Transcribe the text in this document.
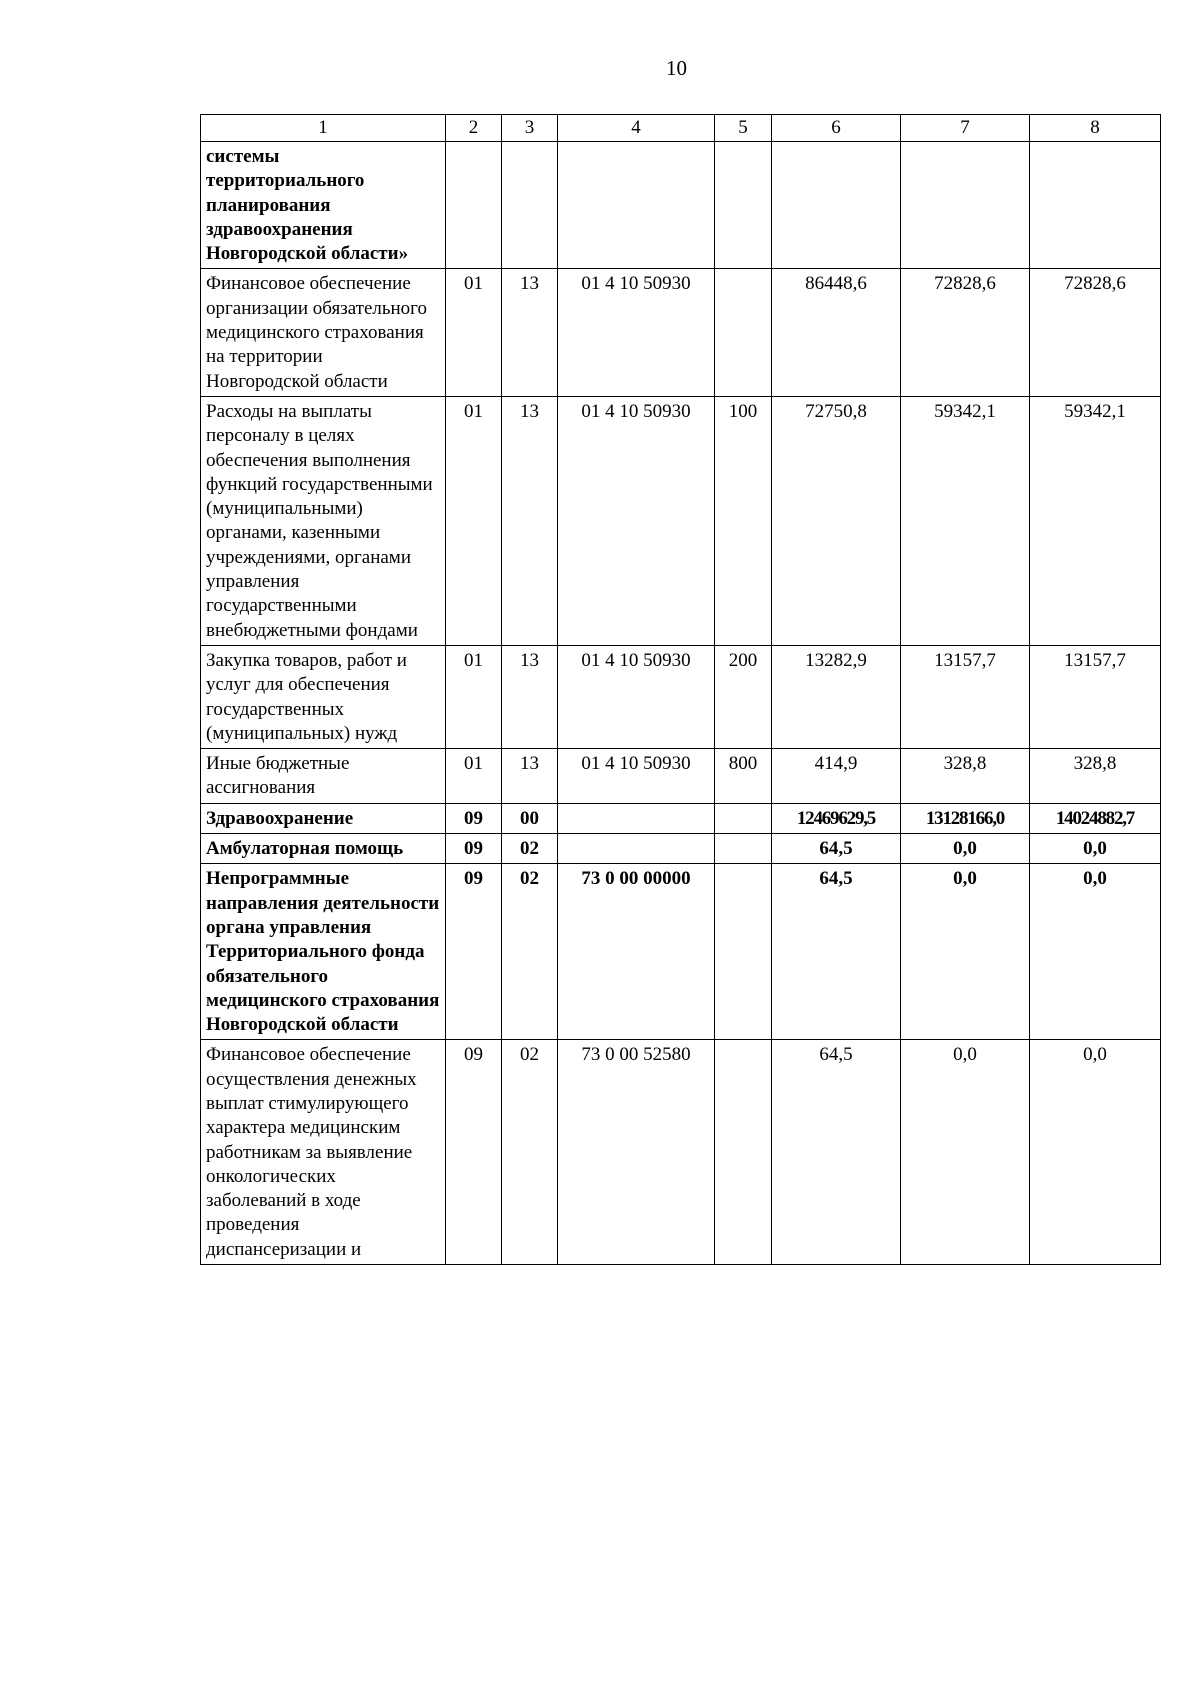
10
1	2	3	4	5	6	7	8
системы территориального планирования здравоохранения Новгородской области»							
Финансовое обеспечение организации обязательного медицинского страхования на территории Новгородской области	01	13	01 4 10 50930		86448,6	72828,6	72828,6
Расходы на выплаты персоналу в целях обеспечения выполнения функций государственными (муниципальными) органами, казенными учреждениями, органами управления государственными внебюджетными фондами	01	13	01 4 10 50930	100	72750,8	59342,1	59342,1
Закупка товаров, работ и услуг для обеспечения государственных (муниципальных) нужд	01	13	01 4 10 50930	200	13282,9	13157,7	13157,7
Иные бюджетные ассигнования	01	13	01 4 10 50930	800	414,9	328,8	328,8
Здравоохранение	09	00			12469629,5	13128166,0	14024882,7
Амбулаторная помощь	09	02			64,5	0,0	0,0
Непрограммные направления деятельности органа управления Территориального фонда обязательного медицинского страхования Новгородской области	09	02	73 0 00 00000		64,5	0,0	0,0
Финансовое обеспечение осуществления денежных выплат стимулирующего характера медицинским работникам за выявление онкологических заболеваний в ходе проведения диспансеризации и	09	02	73 0 00 52580		64,5	0,0	0,0
